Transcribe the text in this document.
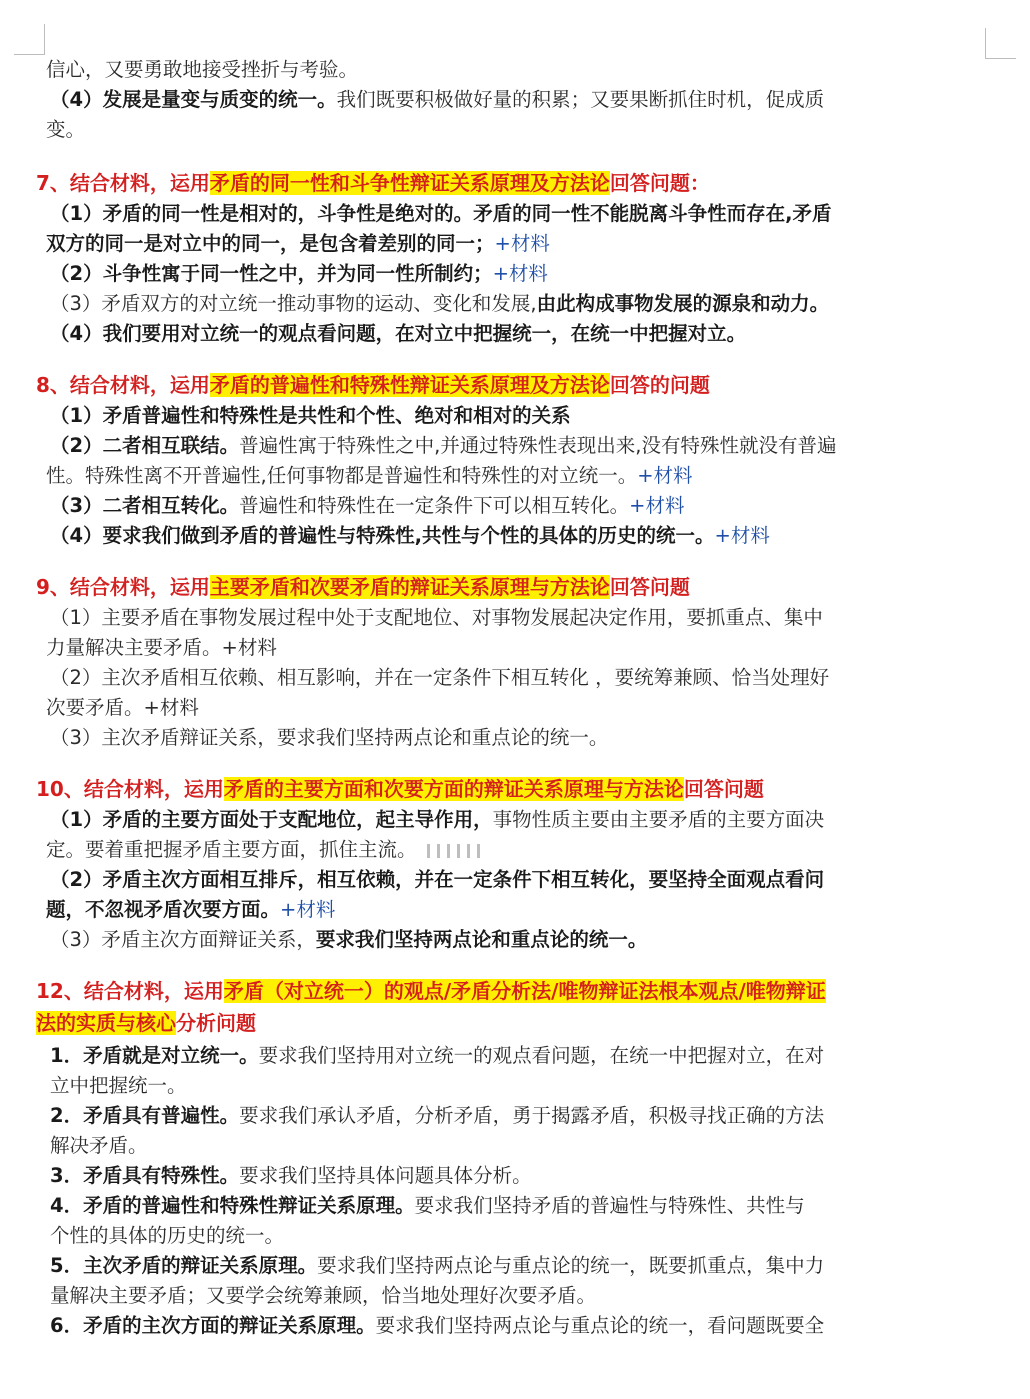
信心，又要勇敢地接受挫折与考验。
（4）发展是量变与质变的统一。我们既要积极做好量的积累；又要果断抓住时机，促成质
变。
7、结合材料，运用矛盾的同一性和斗争性辩证关系原理及方法论回答问题：
（1）矛盾的同一性是相对的，斗争性是绝对的。矛盾的同一性不能脱离斗争性而存在,矛盾
双方的同一是对立中的同一，是包含着差别的同一；+材料
（2）斗争性寓于同一性之中，并为同一性所制约；+材料
（3）矛盾双方的对立统一推动事物的运动、变化和发展,由此构成事物发展的源泉和动力。
（4）我们要用对立统一的观点看问题，在对立中把握统一，在统一中把握对立。
8、结合材料，运用矛盾的普遍性和特殊性辩证关系原理及方法论回答的问题
（1）矛盾普遍性和特殊性是共性和个性、绝对和相对的关系
（2）二者相互联结。普遍性寓于特殊性之中,并通过特殊性表现出来,没有特殊性就没有普遍
性。特殊性离不开普遍性,任何事物都是普遍性和特殊性的对立统一。+材料
（3）二者相互转化。普遍性和特殊性在一定条件下可以相互转化。+材料
（4）要求我们做到矛盾的普遍性与特殊性,共性与个性的具体的历史的统一。+材料
9、结合材料，运用主要矛盾和次要矛盾的辩证关系原理与方法论回答问题
（1）主要矛盾在事物发展过程中处于支配地位、对事物发展起决定作用，要抓重点、集中
力量解决主要矛盾。+材料
（2）主次矛盾相互依赖、相互影响，并在一定条件下相互转化 ，要统筹兼顾、恰当处理好
次要矛盾。+材料
（3）主次矛盾辩证关系，要求我们坚持两点论和重点论的统一。
10、结合材料，运用矛盾的主要方面和次要方面的辩证关系原理与方法论回答问题
（1）矛盾的主要方面处于支配地位，起主导作用，事物性质主要由主要矛盾的主要方面决
定。要着重把握矛盾主要方面，抓住主流。
（2）矛盾主次方面相互排斥，相互依赖，并在一定条件下相互转化，要坚持全面观点看问
题，不忽视矛盾次要方面。+材料
（3）矛盾主次方面辩证关系，要求我们坚持两点论和重点论的统一。
12、结合材料，运用矛盾（对立统一）的观点/矛盾分析法/唯物辩证法根本观点/唯物辩证
法的实质与核心分析问题
1．矛盾就是对立统一。要求我们坚持用对立统一的观点看问题，在统一中把握对立，在对
立中把握统一。
2．矛盾具有普遍性。要求我们承认矛盾，分析矛盾，勇于揭露矛盾，积极寻找正确的方法
解决矛盾。
3．矛盾具有特殊性。要求我们坚持具体问题具体分析。
4．矛盾的普遍性和特殊性辩证关系原理。要求我们坚持矛盾的普遍性与特殊性、共性与
个性的具体的历史的统一。
5．主次矛盾的辩证关系原理。要求我们坚持两点论与重点论的统一，既要抓重点，集中力
量解决主要矛盾；又要学会统筹兼顾，恰当地处理好次要矛盾。
6．矛盾的主次方面的辩证关系原理。要求我们坚持两点论与重点论的统一，看问题既要全
